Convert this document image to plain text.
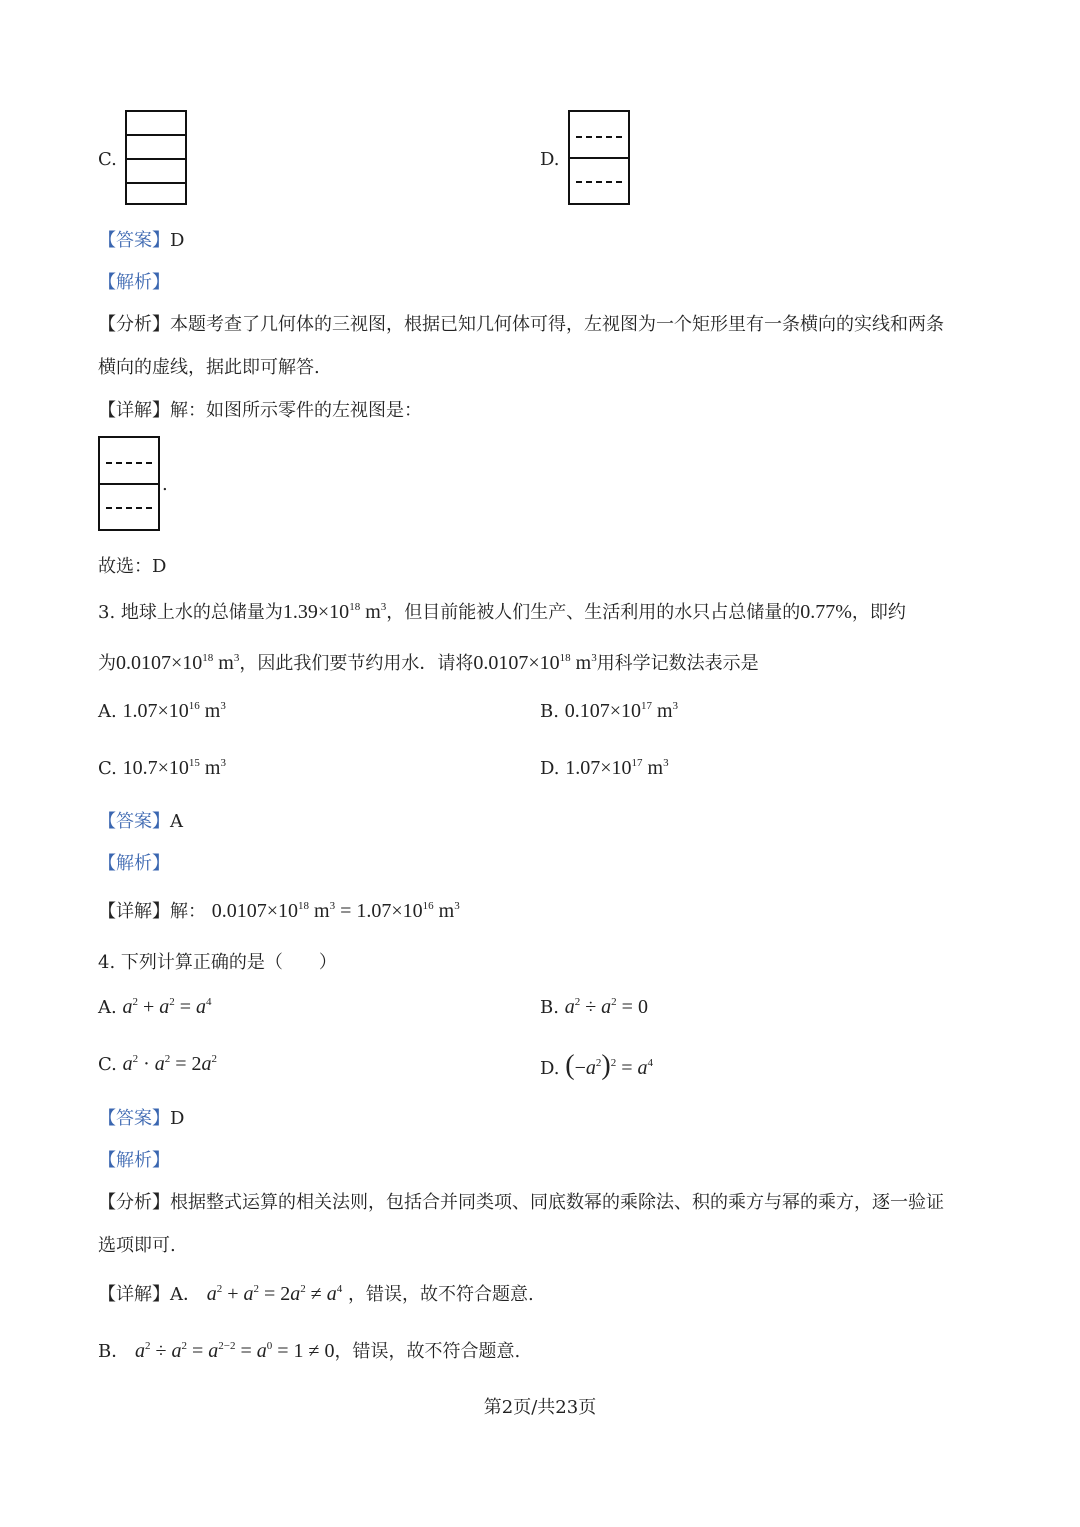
C.	D.
【答案】D
【解析】
【分析】本题考查了几何体的三视图，根据已知几何体可得，左视图为一个矩形里有一条横向的实线和两条
横向的虚线，据此即可解答.
【详解】解：如图所示零件的左视图是：
.
故选：D
3. 地球上水的总储量为$1.39\times 10^{18}$ $m^3$，但目前能被人们生产、生活利用的水只占总储量的0.77%，即约
为$0.0107\times 10^{18}$ $m^3$，因此我们要节约用水．请将$0.0107\times 10^{18}$ $m^3$用科学记数法表示是
A. $1.07\times 10^{16}$ $m^3$	B. $0.107\times 10^{17}$ $m^3$
C. $10.7\times 10^{15}$ $m^3$	D. $1.07\times 10^{17}$ $m^3$
【答案】A
【解析】
【详解】解： $0.0107\times 10^{18}$ $m^3 = 1.07\times 10^{16}$ $m^3$
4. 下列计算正确的是（　　）
A. $a^2 + a^2 = a^4$	B. $a^2 \div a^2 = 0$
C. $a^2 \cdot a^2 = 2a^2$	D. $(-a^2)^2 = a^4$
【答案】D
【解析】
【分析】根据整式运算的相关法则，包括合并同类项、同底数幂的乘除法、积的乘方与幂的乘方，逐一验证
选项即可.
【详解】A． $a^2 + a^2 = 2a^2 \ne a^4$ ，错误，故不符合题意.
B． $a^2 \div a^2 = a^{2-2} = a^0 = 1 \ne 0$，错误，故不符合题意.
第2页/共23页
